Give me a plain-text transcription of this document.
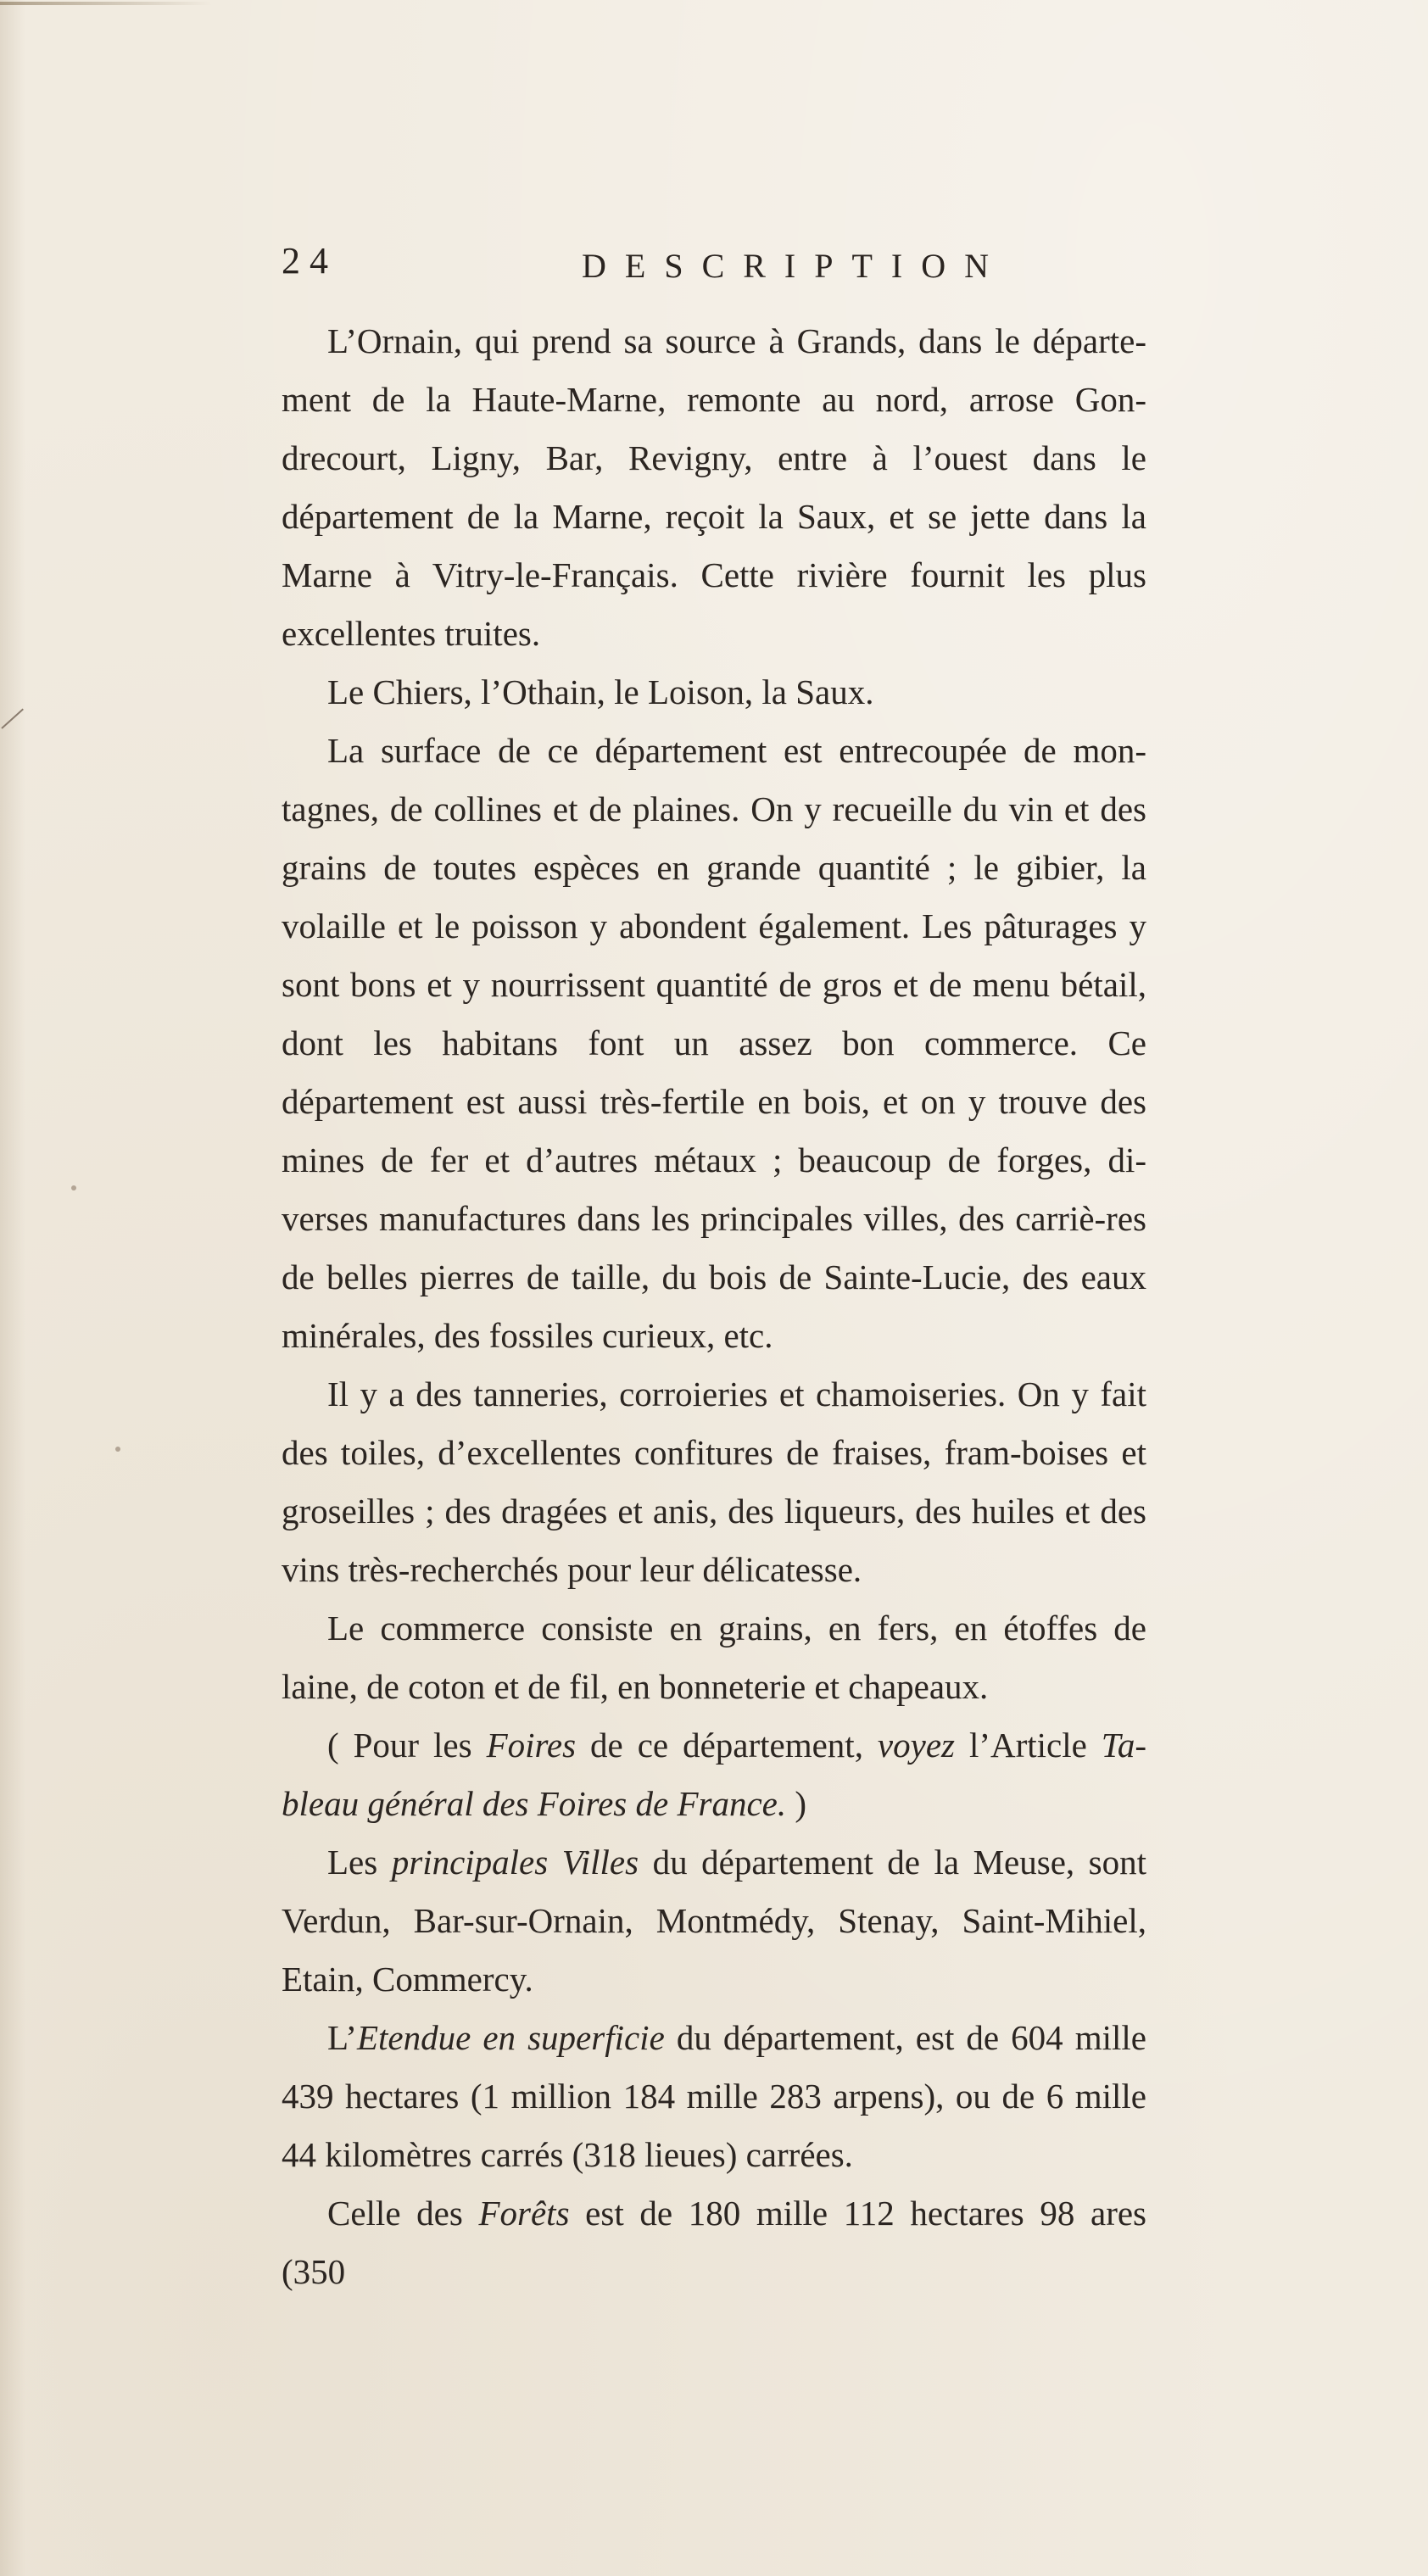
2 4	DESCRIPTION

L’Ornain, qui prend sa source à Grands, dans le départe-ment de la Haute-Marne, remonte au nord, arrose Gon-drecourt, Ligny, Bar, Revigny, entre à l’ouest dans le département de la Marne, reçoit la Saux, et se jette dans la Marne à Vitry-le-Français. Cette rivière fournit les plus excellentes truites.

Le Chiers, l’Othain, le Loison, la Saux.

La surface de ce département est entrecoupée de mon-tagnes, de collines et de plaines. On y recueille du vin et des grains de toutes espèces en grande quantité ; le gibier, la volaille et le poisson y abondent également. Les pâturages y sont bons et y nourrissent quantité de gros et de menu bétail, dont les habitans font un assez bon commerce. Ce département est aussi très-fertile en bois, et on y trouve des mines de fer et d’autres métaux ; beaucoup de forges, di-verses manufactures dans les principales villes, des carriè-res de belles pierres de taille, du bois de Sainte-Lucie, des eaux minérales, des fossiles curieux, etc.

Il y a des tanneries, corroieries et chamoiseries. On y fait des toiles, d’excellentes confitures de fraises, fram-boises et groseilles ; des dragées et anis, des liqueurs, des huiles et des vins très-recherchés pour leur délicatesse.

Le commerce consiste en grains, en fers, en étoffes de laine, de coton et de fil, en bonneterie et chapeaux.

( Pour les Foires de ce département, voyez l’Article Ta-bleau général des Foires de France. )

Les principales Villes du département de la Meuse, sont Verdun, Bar-sur-Ornain, Montmédy, Stenay, Saint-Mihiel, Etain, Commercy.

L’Etendue en superficie du département, est de 604 mille 439 hectares (1 million 184 mille 283 arpens), ou de 6 mille 44 kilomètres carrés (318 lieues) carrées.

Celle des Forêts est de 180 mille 112 hectares 98 ares (350
